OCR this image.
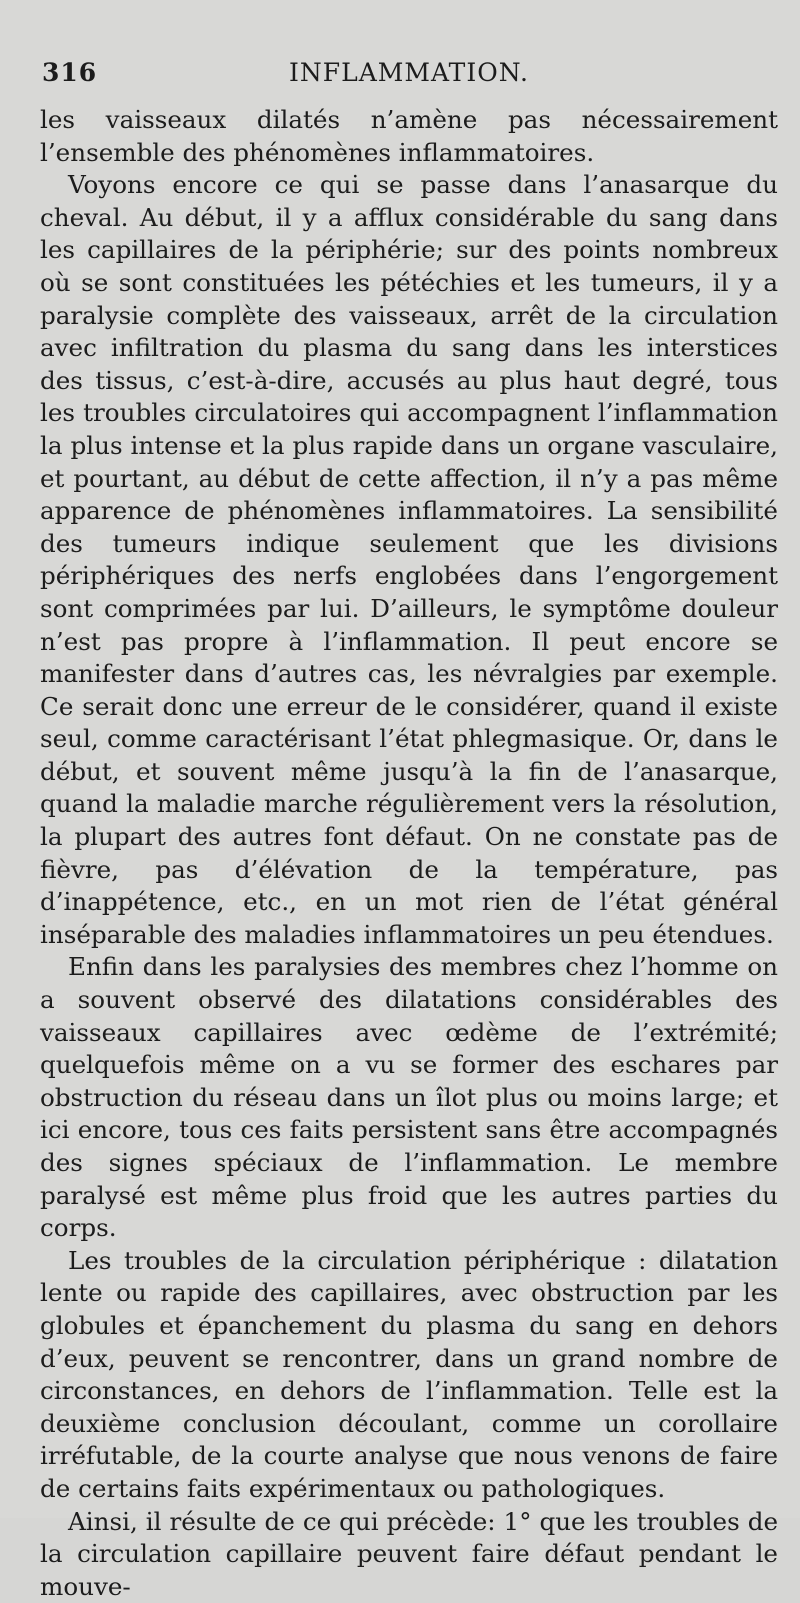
316	INFLAMMATION.

les vaisseaux dilatés n’amène pas nécessairement l’ensemble des phénomènes inflammatoires.

Voyons encore ce qui se passe dans l’anasarque du cheval. Au début, il y a afflux considérable du sang dans les capillaires de la périphérie; sur des points nombreux où se sont constituées les pétéchies et les tumeurs, il y a paralysie complète des vaisseaux, arrêt de la circulation avec infiltration du plasma du sang dans les interstices des tissus, c’est-à-dire, accusés au plus haut degré, tous les troubles circulatoires qui accompagnent l’inflammation la plus intense et la plus rapide dans un organe vasculaire, et pourtant, au début de cette affection, il n’y a pas même apparence de phénomènes inflammatoires. La sensibilité des tumeurs indique seulement que les divisions périphériques des nerfs englobées dans l’engorgement sont comprimées par lui. D’ailleurs, le symptôme douleur n’est pas propre à l’inflammation. Il peut encore se manifester dans d’autres cas, les névralgies par exemple. Ce serait donc une erreur de le considérer, quand il existe seul, comme caractérisant l’état phlegmasique. Or, dans le début, et souvent même jusqu’à la fin de l’anasarque, quand la maladie marche régulièrement vers la résolution, la plupart des autres font défaut. On ne constate pas de fièvre, pas d’élévation de la température, pas d’inappétence, etc., en un mot rien de l’état général inséparable des maladies inflammatoires un peu étendues.

Enfin dans les paralysies des membres chez l’homme on a souvent observé des dilatations considérables des vaisseaux capillaires avec œdème de l’extrémité; quelquefois même on a vu se former des eschares par obstruction du réseau dans un îlot plus ou moins large; et ici encore, tous ces faits persistent sans être accompagnés des signes spéciaux de l’inflammation. Le membre paralysé est même plus froid que les autres parties du corps.

Les troubles de la circulation périphérique : dilatation lente ou rapide des capillaires, avec obstruction par les globules et épanchement du plasma du sang en dehors d’eux, peuvent se rencontrer, dans un grand nombre de circonstances, en dehors de l’inflammation. Telle est la deuxième conclusion découlant, comme un corollaire irréfutable, de la courte analyse que nous venons de faire de certains faits expérimentaux ou pathologiques.

Ainsi, il résulte de ce qui précède: 1° que les troubles de la circulation capillaire peuvent faire défaut pendant le mouve-
